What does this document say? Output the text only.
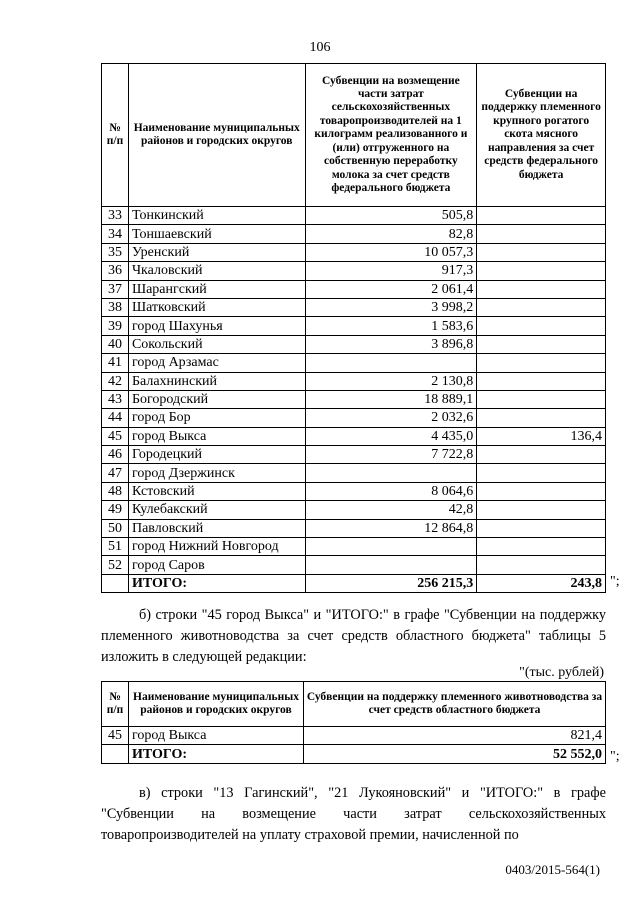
106
№ п/п	Наименование муниципальных районов и городских округов	Субвенции на возмещение части затрат сельскохозяйственных товаропроизводителей на 1 килограмм реализованного и (или) отгруженного на собственную переработку молока за счет средств федерального бюджета	Субвенции на поддержку племенного крупного рогатого скота мясного направления за счет средств федерального бюджета
33	Тонкинский	505,8	
34	Тоншаевский	82,8	
35	Уренский	10 057,3	
36	Чкаловский	917,3	
37	Шарангский	2 061,4	
38	Шатковский	3 998,2	
39	город Шахунья	1 583,6	
40	Сокольский	3 896,8	
41	город Арзамас		
42	Балахнинский	2 130,8	
43	Богородский	18 889,1	
44	город Бор	2 032,6	
45	город Выкса	4 435,0	136,4
46	Городецкий	7 722,8	
47	город Дзержинск		
48	Кстовский	8 064,6	
49	Кулебакский	42,8	
50	Павловский	12 864,8	
51	город Нижний Новгород		
52	город Саров		
	ИТОГО:	256 215,3	243,8 ";

б) строки "45 город Выкса" и "ИТОГО:" в графе "Субвенции на поддержку племенного животноводства за счет средств областного бюджета" таблицы 5 изложить в следующей редакции:

"(тыс. рублей)
№ п/п	Наименование муниципальных районов и городских округов	Субвенции на поддержку племенного животноводства за счет средств областного бюджета
45	город Выкса	821,4
	ИТОГО:	52 552,0 ";

в) строки "13 Гагинский", "21 Лукояновский" и "ИТОГО:" в графе "Субвенции на возмещение части затрат сельскохозяйственных товаропроизводителей на уплату страховой премии, начисленной по

0403/2015-564(1)
